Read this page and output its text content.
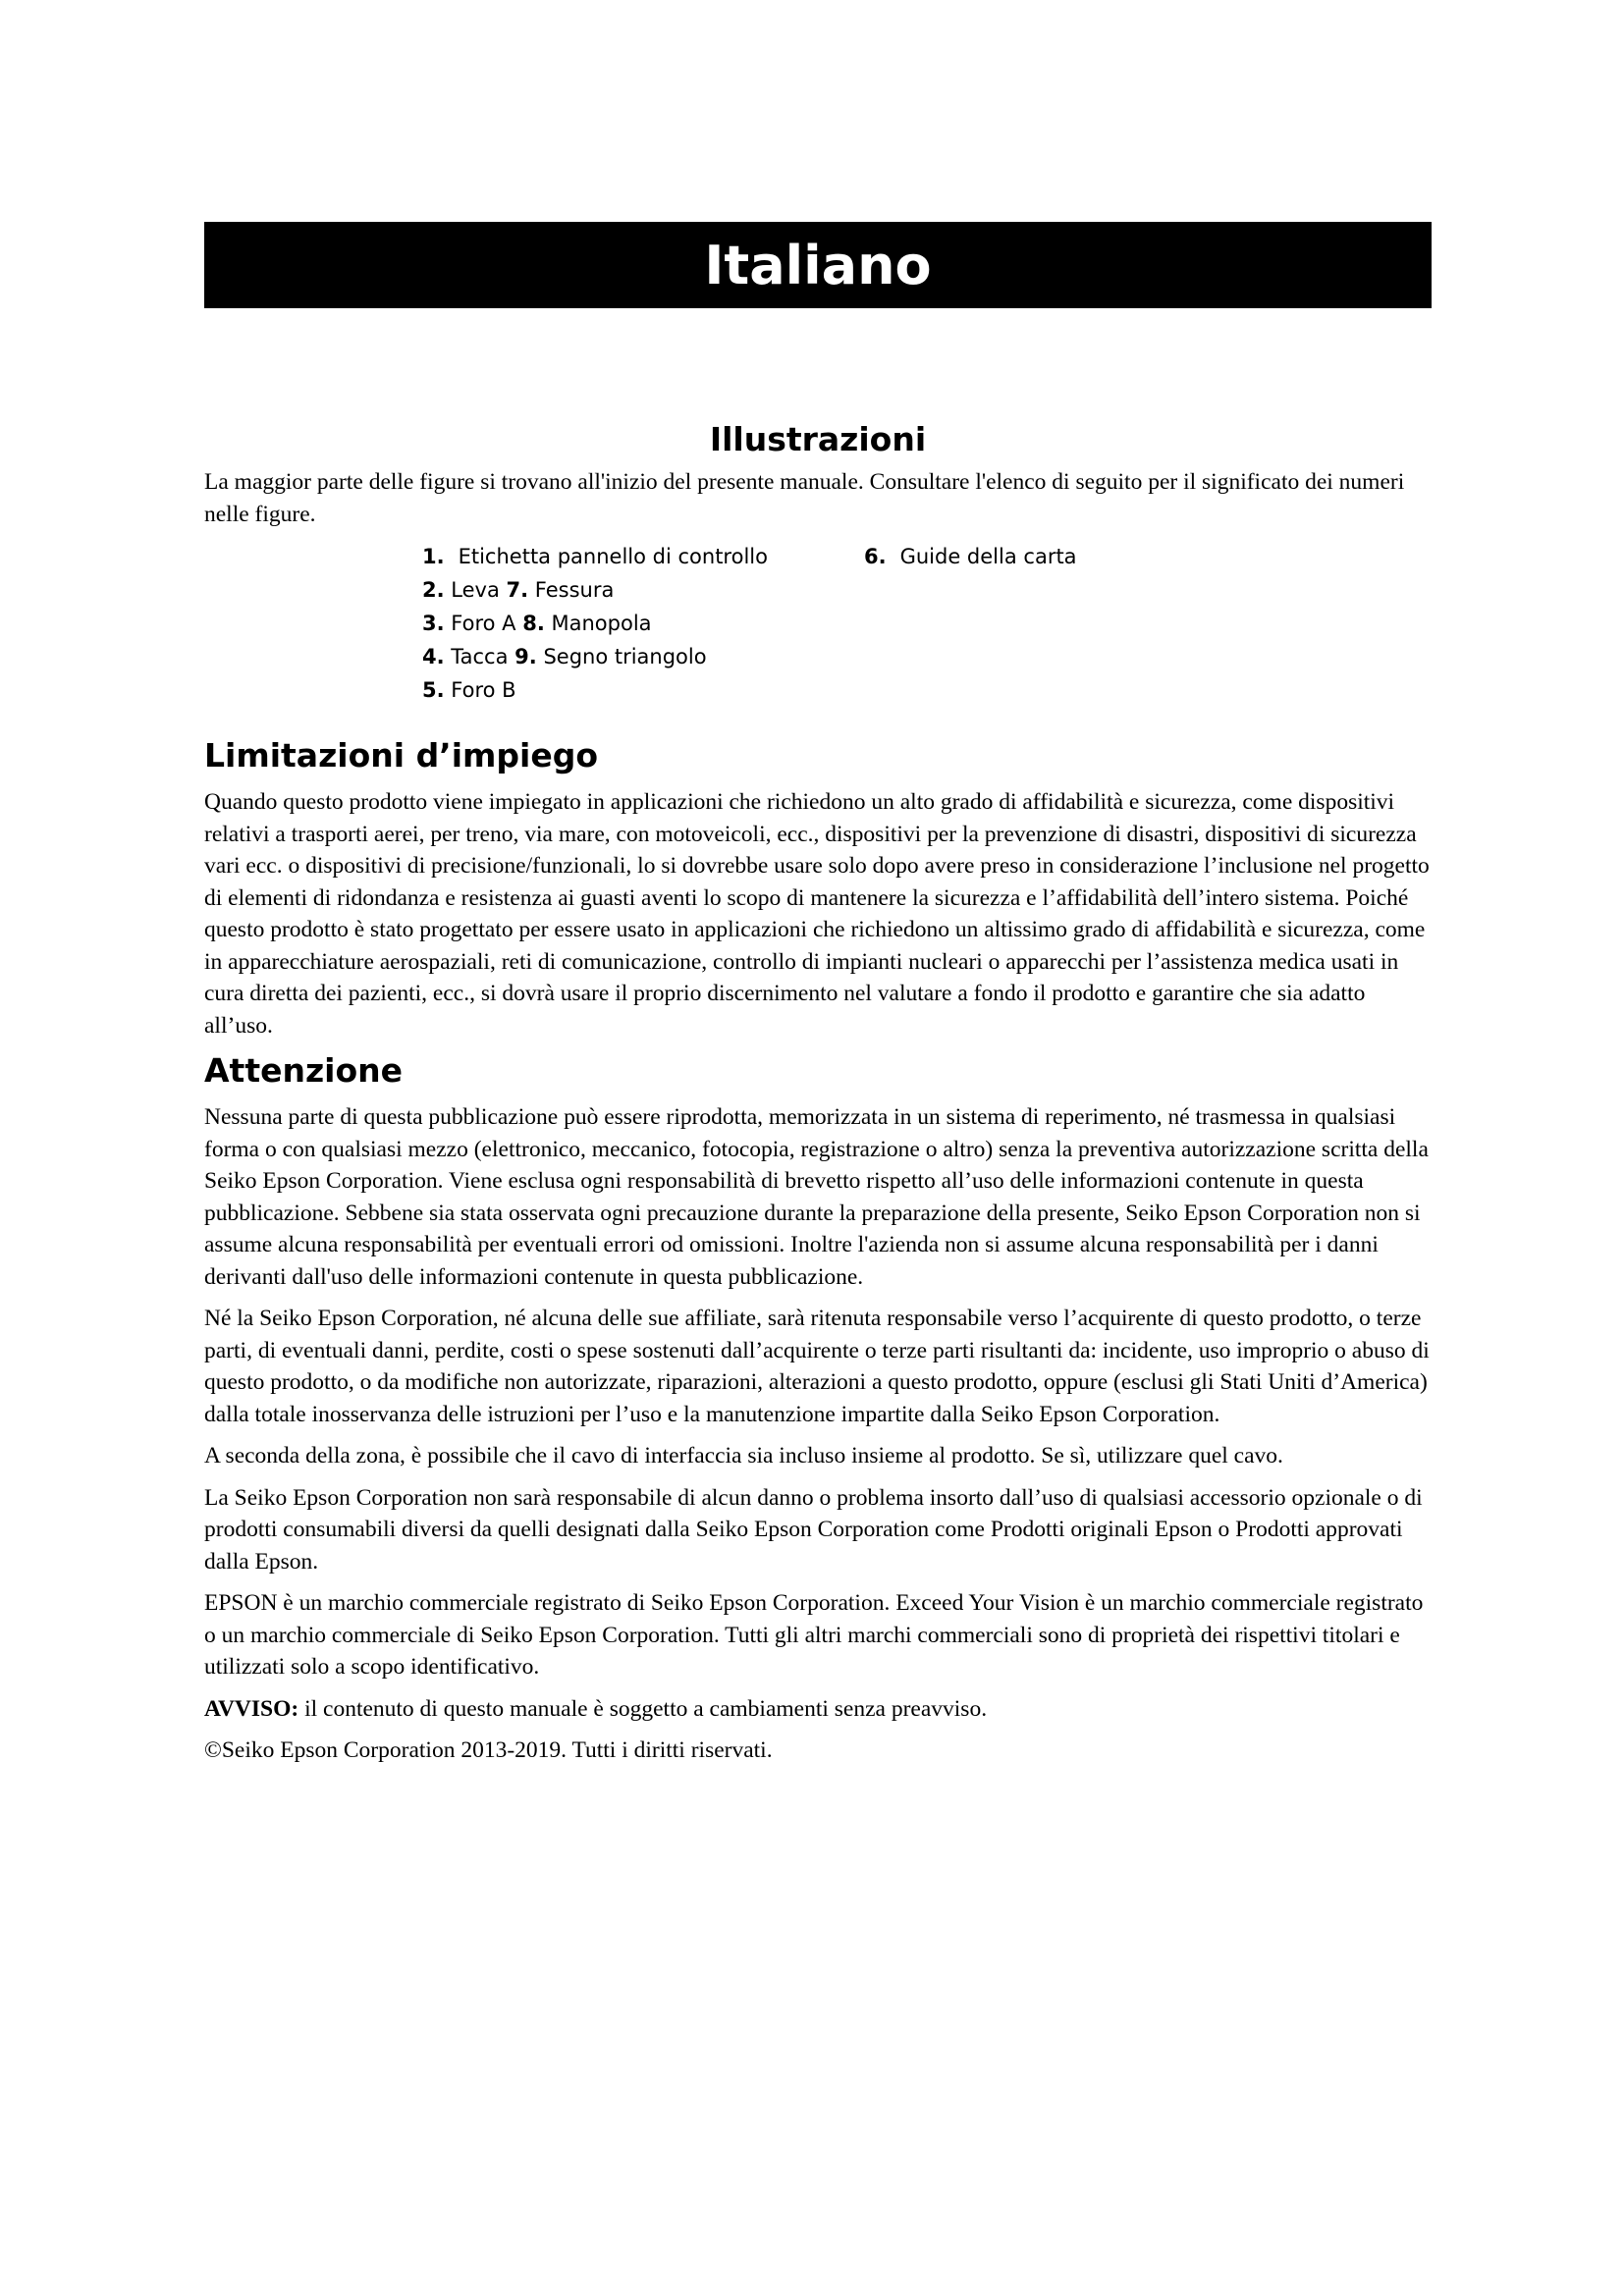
Italiano
Illustrazioni

La maggior parte delle figure si trovano all'inizio del presente manuale. Consultare l'elenco di seguito per il significato dei numeri nelle figure.

1. Etichetta pannello di controllo	6. Guide della carta
2. Leva 7. Fessura
3. Foro A 8. Manopola
4. Tacca 9. Segno triangolo
5. Foro B
Limitazioni d’impiego

Quando questo prodotto viene impiegato in applicazioni che richiedono un alto grado di affidabilità e sicurezza, come dispositivi relativi a trasporti aerei, per treno, via mare, con motoveicoli, ecc., dispositivi per la prevenzione di disastri, dispositivi di sicurezza vari ecc. o dispositivi di precisione/funzionali, lo si dovrebbe usare solo dopo avere preso in considerazione l’inclusione nel progetto di elementi di ridondanza e resistenza ai guasti aventi lo scopo di mantenere la sicurezza e l’affidabilità dell’intero sistema. Poiché questo prodotto è stato progettato per essere usato in applicazioni che richiedono un altissimo grado di affidabilità e sicurezza, come in apparecchiature aerospaziali, reti di comunicazione, controllo di impianti nucleari o apparecchi per l’assistenza medica usati in cura diretta dei pazienti, ecc., si dovrà usare il proprio discernimento nel valutare a fondo il prodotto e garantire che sia adatto all’uso.

Attenzione

Nessuna parte di questa pubblicazione può essere riprodotta, memorizzata in un sistema di reperimento, né trasmessa in qualsiasi forma o con qualsiasi mezzo (elettronico, meccanico, fotocopia, registrazione o altro) senza la preventiva autorizzazione scritta della Seiko Epson Corporation. Viene esclusa ogni responsabilità di brevetto rispetto all’uso delle informazioni contenute in questa pubblicazione. Sebbene sia stata osservata ogni precauzione durante la preparazione della presente, Seiko Epson Corporation non si assume alcuna responsabilità per eventuali errori od omissioni. Inoltre l'azienda non si assume alcuna responsabilità per i danni derivanti dall'uso delle informazioni contenute in questa pubblicazione.

Né la Seiko Epson Corporation, né alcuna delle sue affiliate, sarà ritenuta responsabile verso l’acquirente di questo prodotto, o terze parti, di eventuali danni, perdite, costi o spese sostenuti dall’acquirente o terze parti risultanti da: incidente, uso improprio o abuso di questo prodotto, o da modifiche non autorizzate, riparazioni, alterazioni a questo prodotto, oppure (esclusi gli Stati Uniti d’America) dalla totale inosservanza delle istruzioni per l’uso e la manutenzione impartite dalla Seiko Epson Corporation.

A seconda della zona, è possibile che il cavo di interfaccia sia incluso insieme al prodotto. Se sì, utilizzare quel cavo.

La Seiko Epson Corporation non sarà responsabile di alcun danno o problema insorto dall’uso di qualsiasi accessorio opzionale o di prodotti consumabili diversi da quelli designati dalla Seiko Epson Corporation come Prodotti originali Epson o Prodotti approvati dalla Epson.

EPSON è un marchio commerciale registrato di Seiko Epson Corporation. Exceed Your Vision è un marchio commerciale registrato o un marchio commerciale di Seiko Epson Corporation. Tutti gli altri marchi commerciali sono di proprietà dei rispettivi titolari e utilizzati solo a scopo identificativo.

AVVISO: il contenuto di questo manuale è soggetto a cambiamenti senza preavviso.

©Seiko Epson Corporation 2013-2019. Tutti i diritti riservati.
